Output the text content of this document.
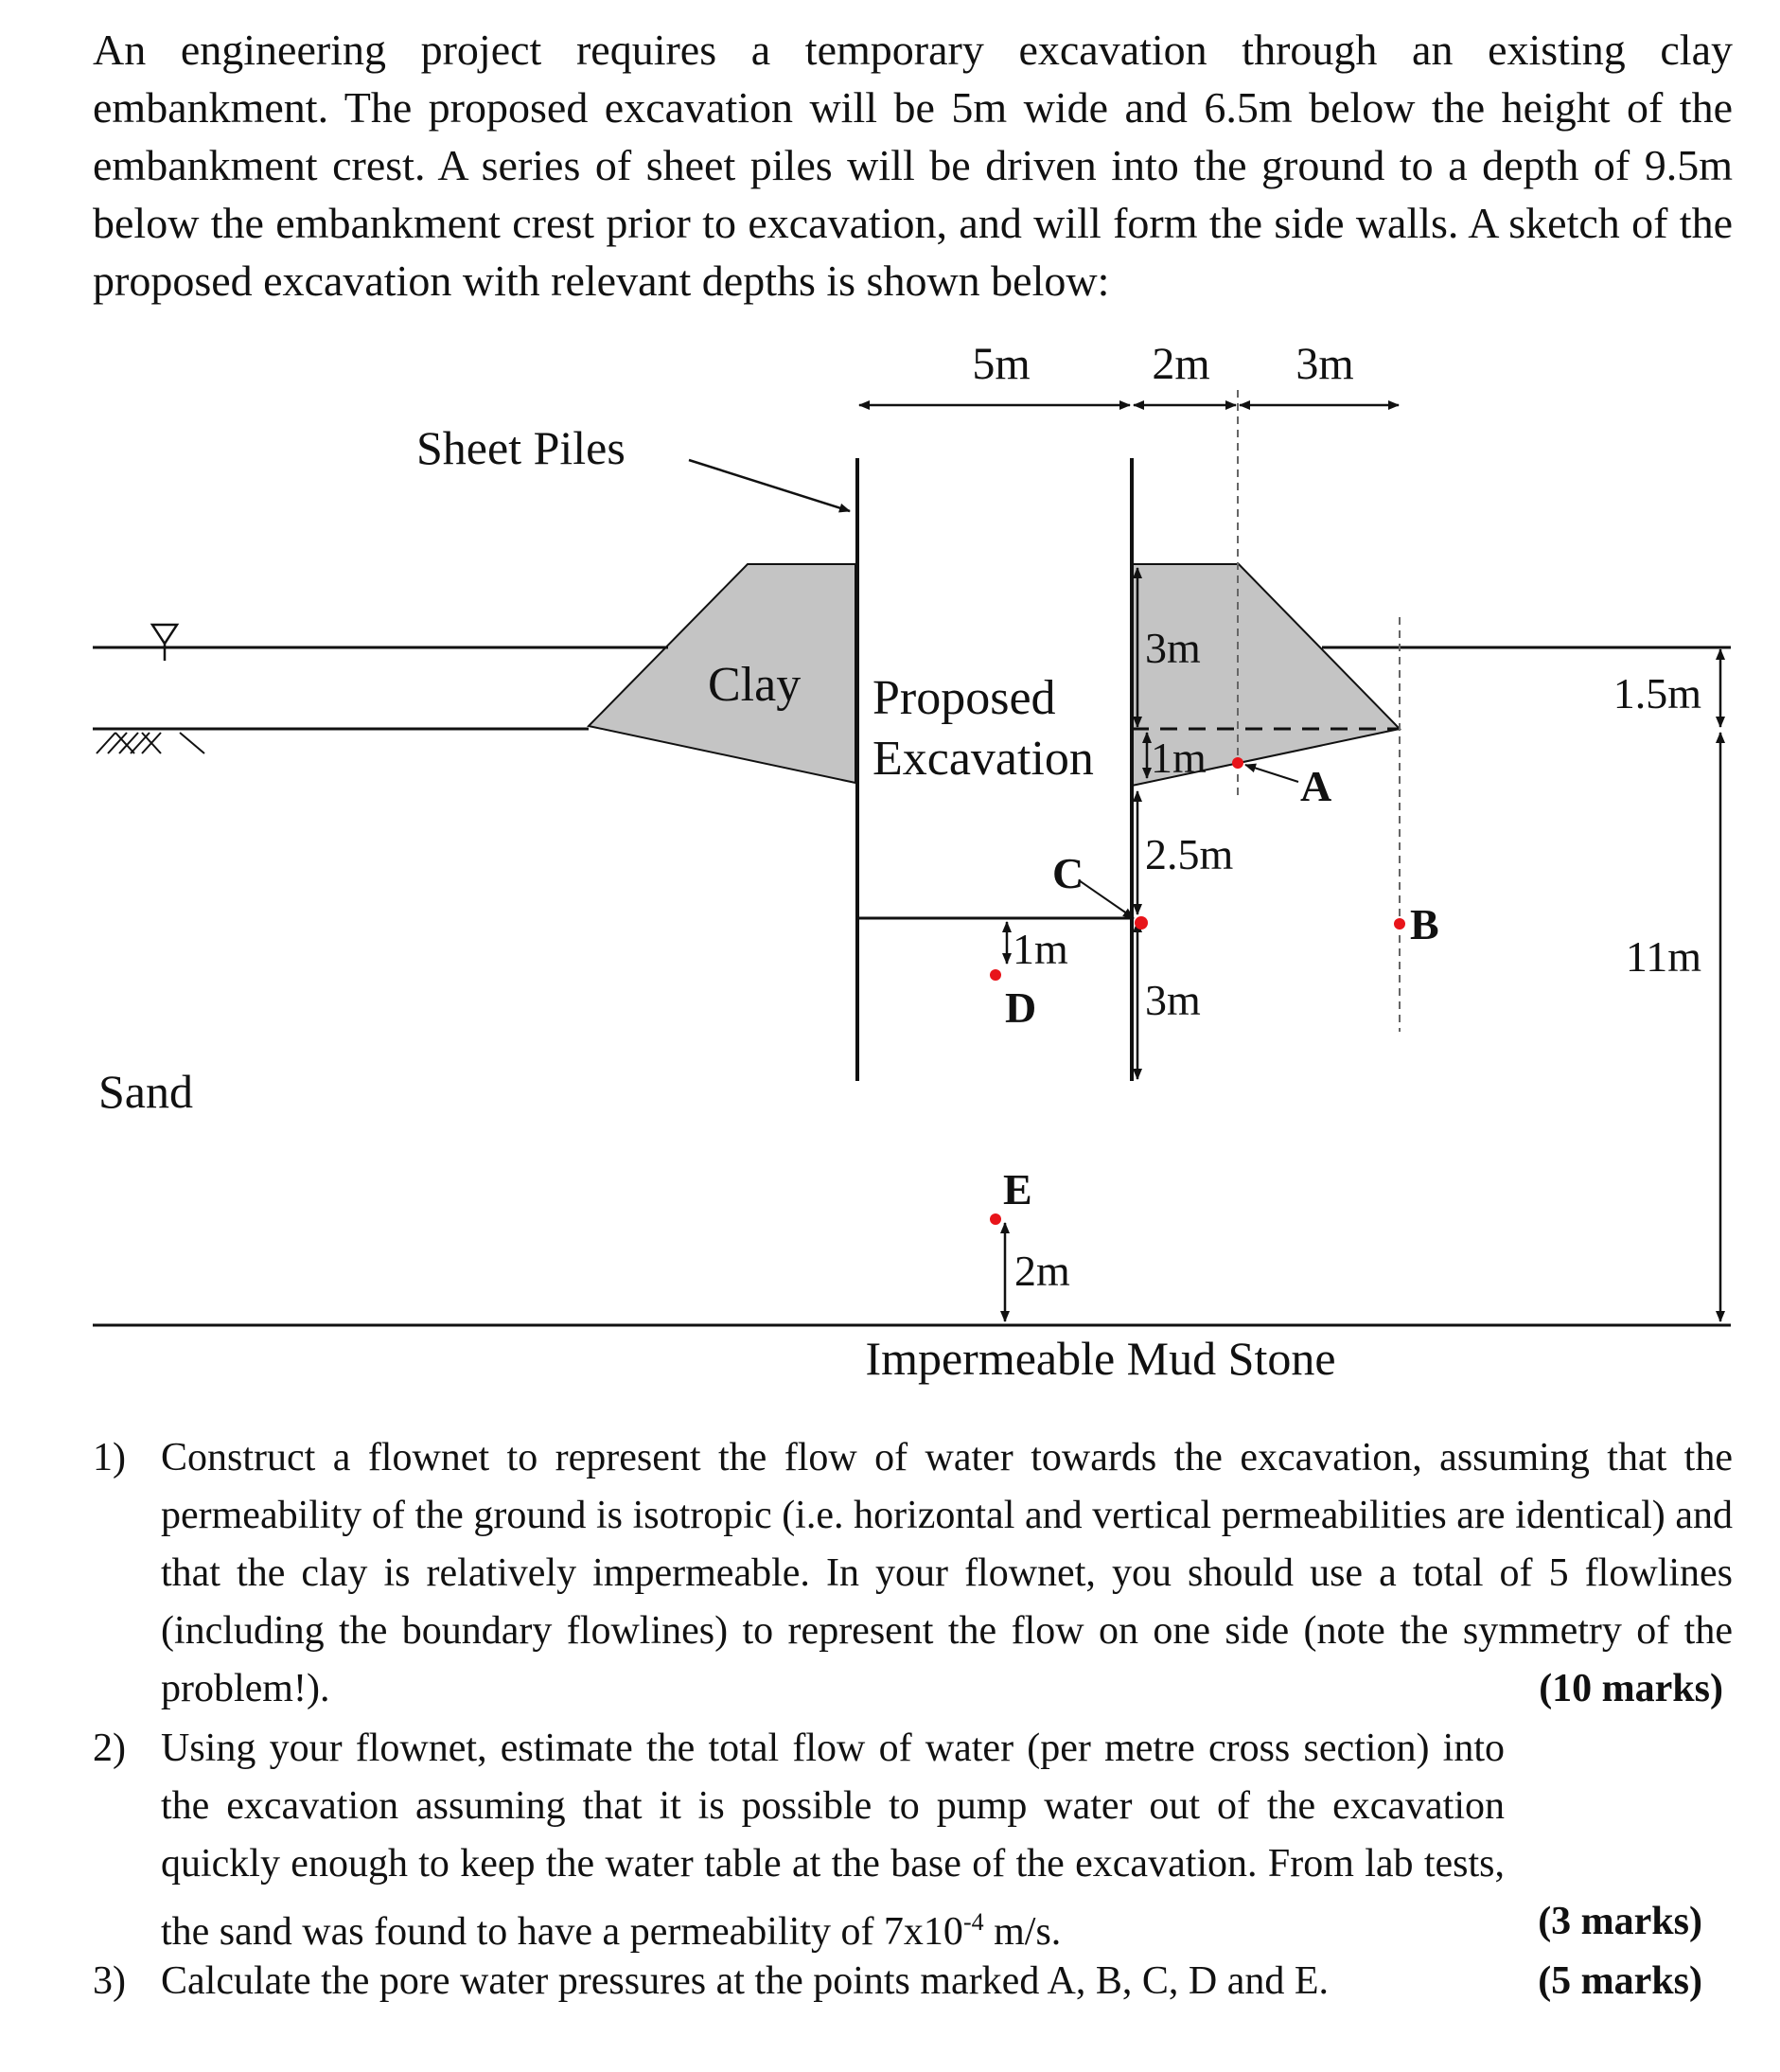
An engineering project requires a temporary excavation through an existing clay embankment. The proposed excavation will be 5m wide and 6.5m below the height of the embankment crest. A series of sheet piles will be driven into the ground to a depth of 9.5m below the embankment crest prior to excavation, and will form the side walls. A sketch of the proposed excavation with relevant depths is shown below:

5m	2m 3m
Sheet Piles
Clay Proposed
Excavation
Sand
Impermeable Mud Stone
3m
1m
2.5m
3m
1m
2m
1.5m
11m
A
B
C
D
E
1) Construct a flownet to represent the flow of water towards the excavation, assuming that the permeability of the ground is isotropic (i.e. horizontal and vertical permeabilities are identical) and that the clay is relatively impermeable. In your flownet, you should use a total of 5 flowlines (including the boundary flowlines) to represent the flow on one side (note the symmetry of the problem!).	(10 marks)
2) Using your flownet, estimate the total flow of water (per metre cross section) into the excavation assuming that it is possible to pump water out of the excavation quickly enough to keep the water table at the base of the excavation. From lab tests, the sand was found to have a permeability of $7x10^{-4}$ m/s.	(3 marks)
3) Calculate the pore water pressures at the points marked A, B, C, D and E.	(5 marks)
